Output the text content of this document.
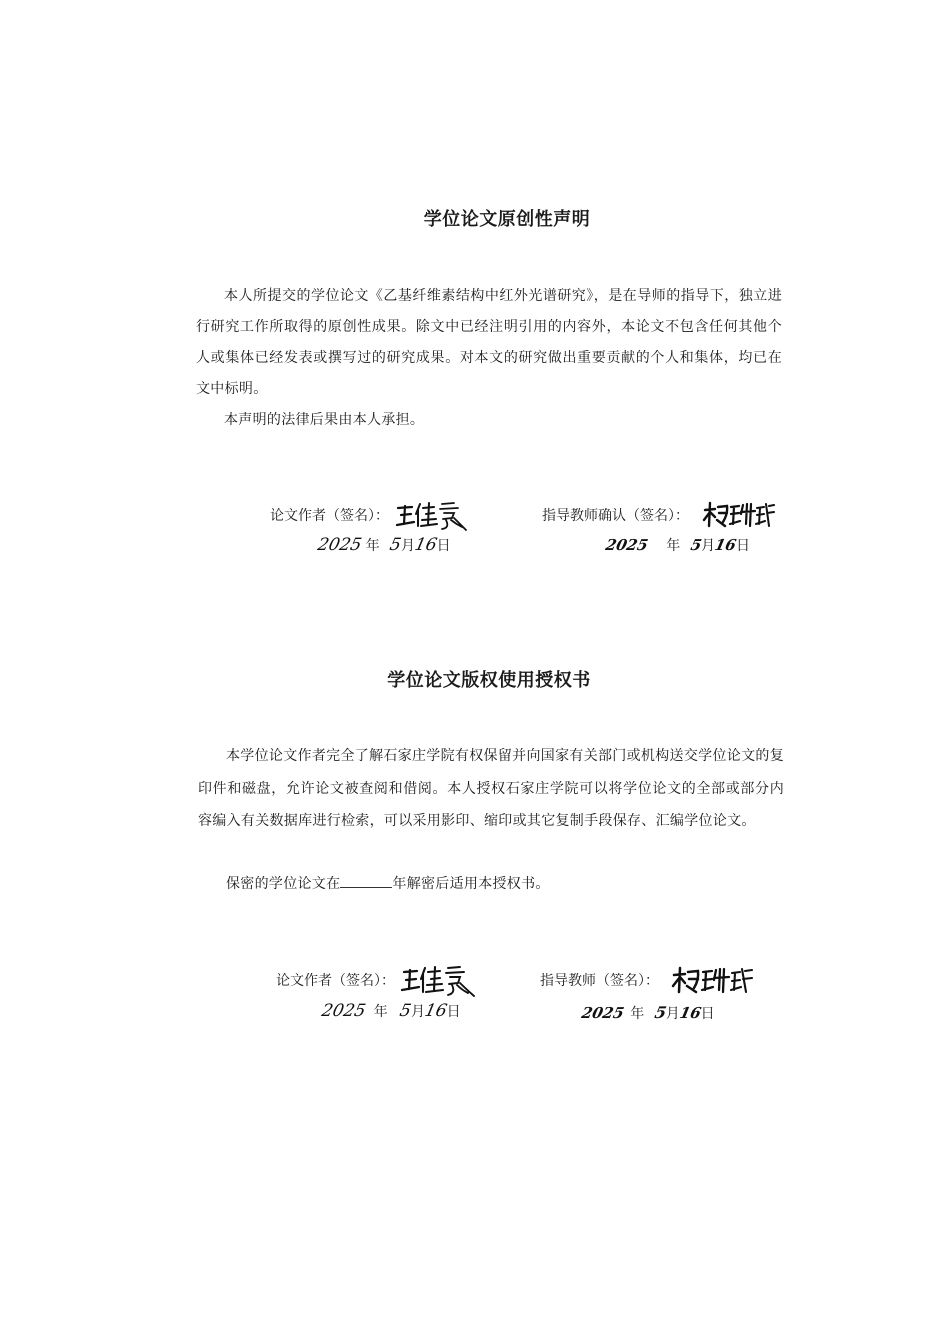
学位论文原创性声明
本人所提交的学位论文《乙基纤维素结构中红外光谱研究》，是在导师的指导下，独立进行研究工作所取得的原创性成果。除文中已经注明引用的内容外，本论文不包含任何其他个人或集体已经发表或撰写过的研究成果。对本文的研究做出重要贡献的个人和集体，均已在文中标明。
本声明的法律后果由本人承担。
论文作者（签名）：
2025 年 5月16日
指导教师确认（签名）：
2025 年 5月16日
学位论文版权使用授权书
本学位论文作者完全了解石家庄学院有权保留并向国家有关部门或机构送交学位论文的复印件和磁盘，允许论文被查阅和借阅。本人授权石家庄学院可以将学位论文的全部或部分内容编入有关数据库进行检索，可以采用影印、缩印或其它复制手段保存、汇编学位论文。
保密的学位论文在	年解密后适用本授权书。
论文作者（签名）：
2025 年 5月16日
指导教师（签名）：
2025 年 5月16日
